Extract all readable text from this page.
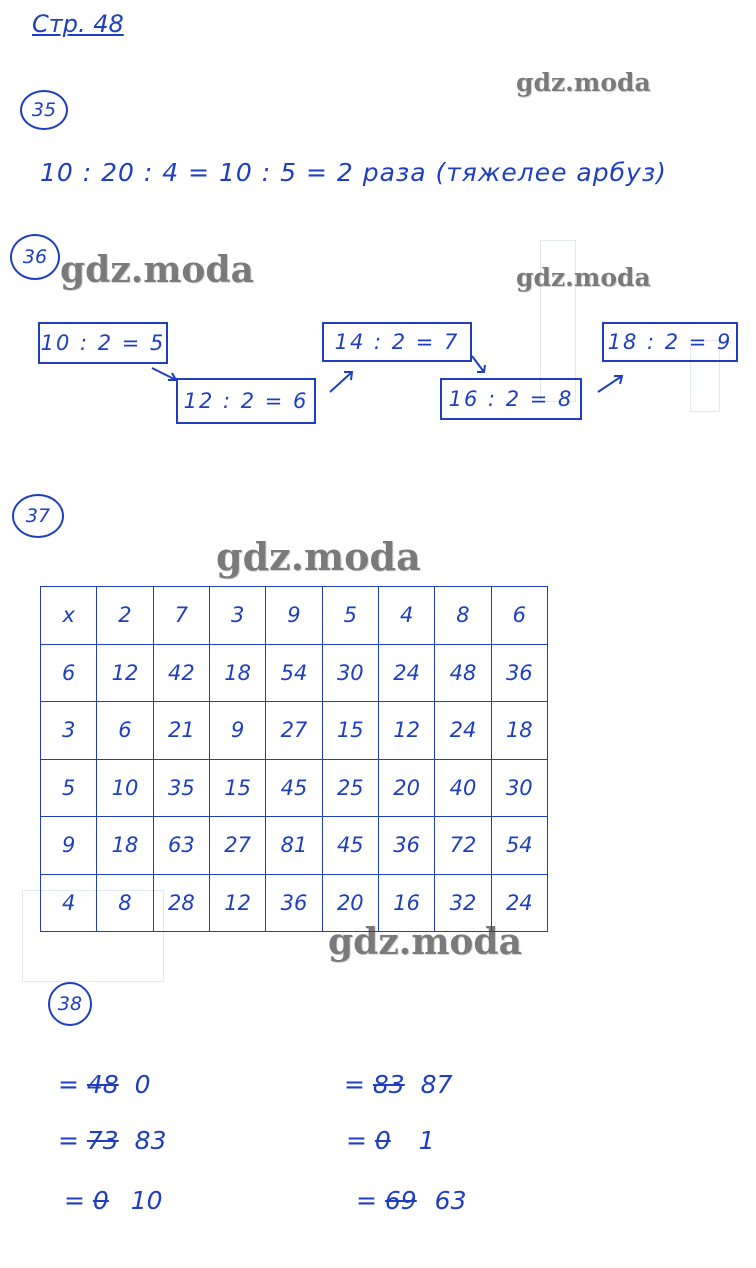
Стр. 48
gdz.moda
gdz.moda	gdz.moda
gdz.moda
gdz.moda
35
10 : 20 : 4 = 10 : 5 = 2 раза (тяжелее арбуз)
36
10 : 2 = 5
12 : 2 = 6
14 : 2 = 7
16 : 2 = 8
18 : 2 = 9
37
x	2	7	3	9	5	4	8	6
6	12	42	18	54	30	24	48	36
3	6	21	9	27	15	12	24	18
5	10	35	15	45	25	20	40	30
9	18	63	27	81	45	36	72	54
4	8	28	12	36	20	16	32	24
38
= 48 0
= 73 83
= 0 10
= 83 87
= 0 1
= 69 63
